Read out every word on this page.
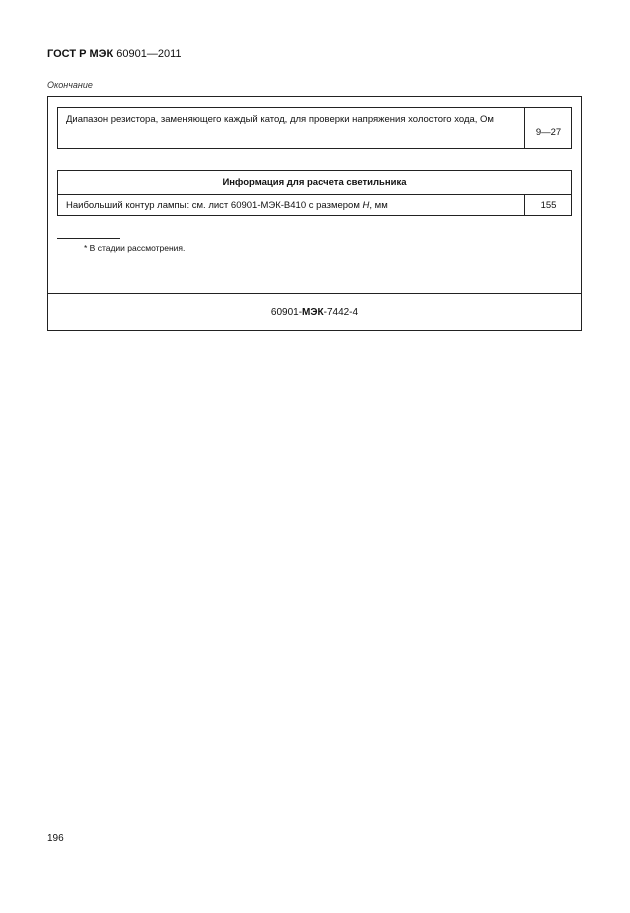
ГОСТ Р МЭК 60901—2011
Окончание
Диапазон резистора, заменяющего каждый катод, для проверки напряжения холостого хода, Ом
9—27
Информация для расчета светильника
Наибольший контур лампы: см. лист 60901-МЭК-В410 с размером Н , мм	155
* В стадии рассмотрения.
60901- МЭК -7442-4
196
